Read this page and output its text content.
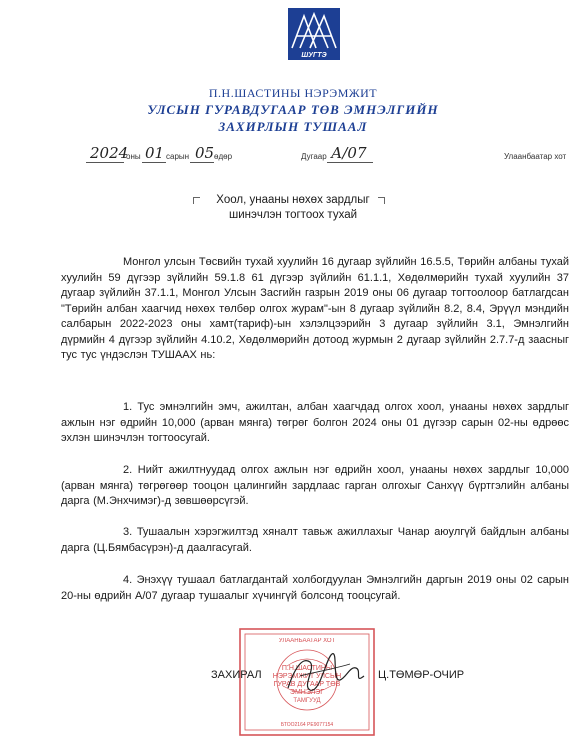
ШУГТЭ
П.Н.ШАСТИНЫ НЭРЭМЖИТ
УЛСЫН ГУРАВДУГААР ТӨВ ЭМНЭЛГИЙН
ЗАХИРЛЫН ТУШААЛ
2024
оны 01 сарын 05 өдөр	Дугаар А/07	Улаанбаатар хот
Хоол, унааны нөхөх зардлыг
шинэчлэн тогтоох тухай
Монгол улсын Төсвийн тухай хуулийн 16 дугаар зүйлийн 16.5.5, Төрийн албаны тухай хуулийн 59 дүгээр зүйлийн 59.1.8 61 дүгээр зүйлийн 61.1.1, Хөдөлмөрийн тухай хуулийн 37 дугаар зүйлийн 37.1.1, Монгол Улсын Засгийн газрын 2019 оны 06 дугаар тогтоолоор батлагдсан "Төрийн албан хаагчид нөхөх төлбөр олгох журам"-ын 8 дугаар зүйлийн 8.2, 8.4, Эрүүл мэндийн салбарын 2022-2023 оны хамт(тариф)-ын хэлэлцээрийн 3 дугаар зүйлийн 3.1, Эмнэлгийн дүрмийн 4 дүгээр зүйлийн 4.10.2, Хөдөлмөрийн дотоод журмын 2 дугаар зүйлийн 2.7.7-д заасныг тус тус үндэслэн ТУШААХ нь:
1. Тус эмнэлгийн эмч, ажилтан, албан хаагчдад олгох хоол, унааны нөхөх зардлыг ажлын нэг өдрийн 10,000 (арван мянга) төгрөг болгон 2024 оны 01 дүгээр сарын 02-ны өдрөөс эхлэн шинэчлэн тогтоосугай.
2. Нийт ажилтнуудад олгох ажлын нэг өдрийн хоол, унааны нөхөх зардлыг 10,000 (арван мянга) төгрөгөөр тооцон цалингийн зардлаас гарган олгохыг Санхүү бүртгэлийн албаны дарга (М.Энхчимэг)-д зөвшөөрсүгэй.
3. Тушаалын хэрэгжилтэд хяналт тавьж ажиллахыг Чанар аюулгүй байдлын албаны дарга (Ц.Бямбасүрэн)-д даалгасугай.
4. Энэхүү тушаал батлагдантай холбогдуулан Эмнэлгийн даргын 2019 оны 02 сарын 20-ны өдрийн А/07 дугаар тушаалыг хүчингүй болсонд тооцсугай.
УЛААНБААТАР ХОТ
П.Н.ШАСТИНЫ
НЭРЭМЖИТ УЛСЫН
ГУРАВ ДУГААР ТӨВ
ЭМНЭЛЭГ
ТАМГУУД
БТОО2164 РЕ9077154
ЗАХИРАЛ	Ц.ТӨМӨР-ОЧИР
